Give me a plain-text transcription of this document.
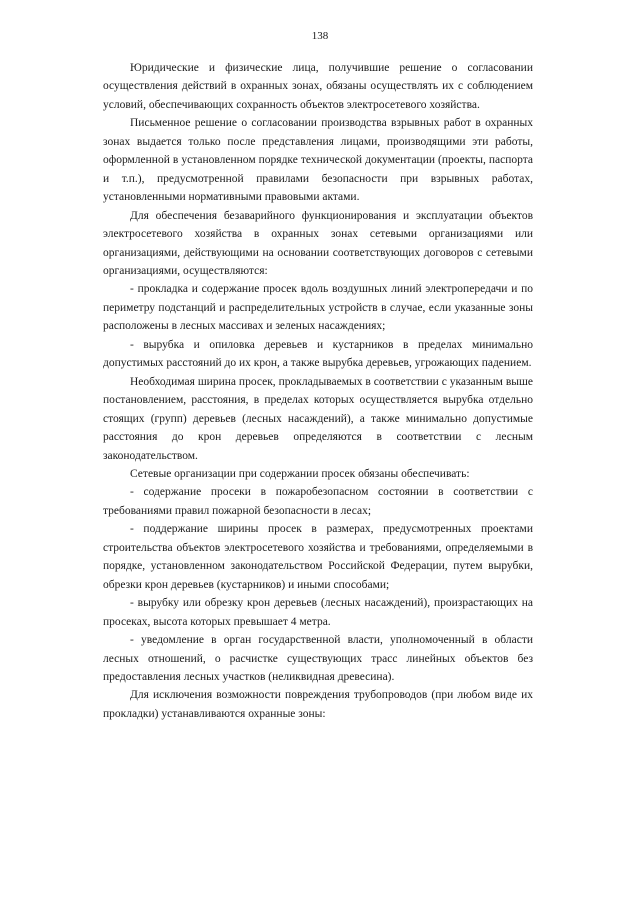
138

Юридические и физические лица, получившие решение о согласовании осуществления действий в охранных зонах, обязаны осуществлять их с соблюдением условий, обеспечивающих сохранность объектов электросетевого хозяйства.

Письменное решение о согласовании производства взрывных работ в охранных зонах выдается только после представления лицами, производящими эти работы, оформленной в установленном порядке технической документации (проекты, паспорта и т.п.), предусмотренной правилами безопасности при взрывных работах, установленными нормативными правовыми актами.

Для обеспечения безаварийного функционирования и эксплуатации объектов электросетевого хозяйства в охранных зонах сетевыми организациями или организациями, действующими на основании соответствующих договоров с сетевыми организациями, осуществляются:

- прокладка и содержание просек вдоль воздушных линий электропередачи и по периметру подстанций и распределительных устройств в случае, если указанные зоны расположены в лесных массивах и зеленых насаждениях;

- вырубка и опиловка деревьев и кустарников в пределах минимально допустимых расстояний до их крон, а также вырубка деревьев, угрожающих падением.

Необходимая ширина просек, прокладываемых в соответствии с указанным выше постановлением, расстояния, в пределах которых осуществляется вырубка отдельно стоящих (групп) деревьев (лесных насаждений), а также минимально допустимые расстояния до крон деревьев определяются в соответствии с лесным законодательством.

Сетевые организации при содержании просек обязаны обеспечивать:

- содержание просеки в пожаробезопасном состоянии в соответствии с требованиями правил пожарной безопасности в лесах;

- поддержание ширины просек в размерах, предусмотренных проектами строительства объектов электросетевого хозяйства и требованиями, определяемыми в порядке, установленном законодательством Российской Федерации, путем вырубки, обрезки крон деревьев (кустарников) и иными способами;

- вырубку или обрезку крон деревьев (лесных насаждений), произрастающих на просеках, высота которых превышает 4 метра.

- уведомление в орган государственной власти, уполномоченный в области лесных отношений, о расчистке существующих трасс линейных объектов без предоставления лесных участков (неликвидная древесина).

Для исключения возможности повреждения трубопроводов (при любом виде их прокладки) устанавливаются охранные зоны:
